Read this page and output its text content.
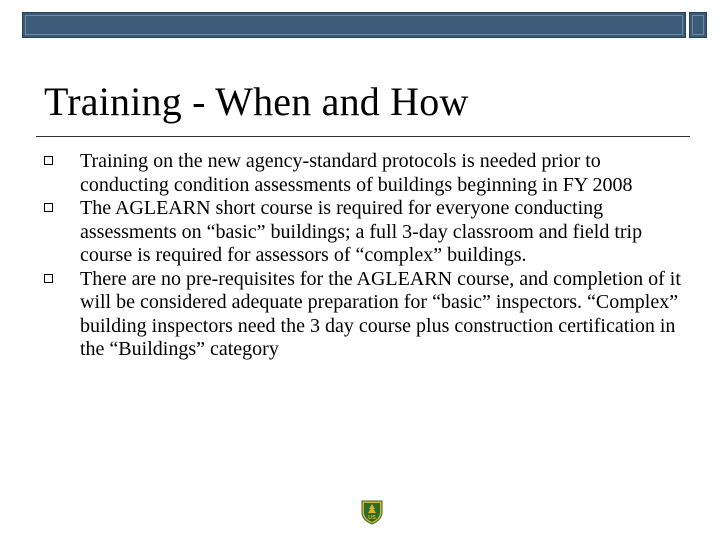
Training - When and How
Training on the new agency-standard protocols is needed prior to conducting condition assessments of buildings beginning in FY 2008
The AGLEARN short course is required for everyone conducting assessments on “basic” buildings; a full 3-day classroom and field trip course is required for assessors of “complex” buildings.
There are no pre-requisites for the AGLEARN course, and completion of it will be considered adequate preparation for “basic” inspectors. “Complex” building inspectors need the 3 day course plus construction certification in the “Buildings” category
US
